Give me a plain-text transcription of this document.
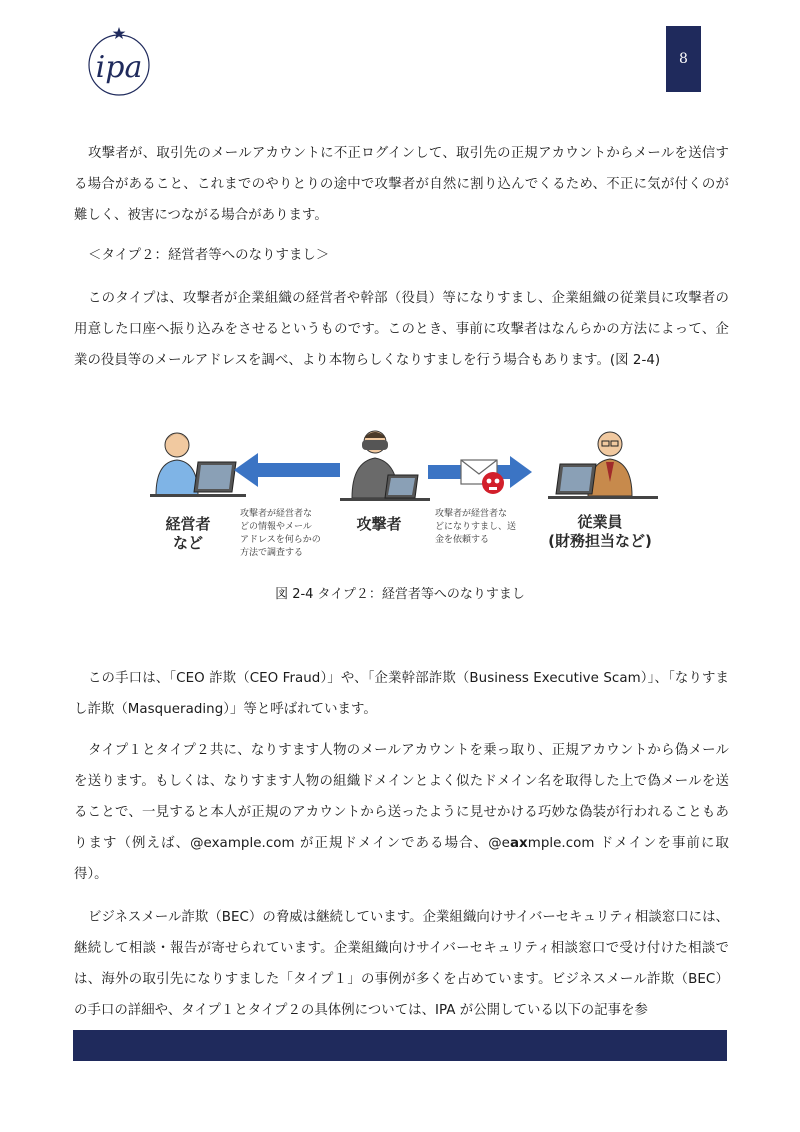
ipa	8

攻撃者が、取引先のメールアカウントに不正ログインして、取引先の正規アカウントからメールを送信する場合があること、これまでのやりとりの途中で攻撃者が自然に割り込んでくるため、不正に気が付くのが難しく、被害につながる場合があります。

＜タイプ２：経営者等へのなりすまし＞

このタイプは、攻撃者が企業組織の経営者や幹部（役員）等になりすまし、企業組織の従業員に攻撃者の用意した口座へ振り込みをさせるというものです。このとき、事前に攻撃者はなんらかの方法によって、企業の役員等のメールアドレスを調べ、より本物らしくなりすましを行う場合もあります。(図 2-4)

経営者
など
攻撃者が経営者な
どの情報やメール
アドレスを何らかの
方法で調査する
攻撃者
攻撃者が経営者な
どになりすまし、送
金を依頼する
従業員
(財務担当など)
図 2-4 タイプ２：経営者等へのなりすまし

この手口は、「CEO 詐欺（CEO Fraud）」や、「企業幹部詐欺（Business Executive Scam）」、「なりすまし詐欺（Masquerading）」等と呼ばれています。

タイプ１とタイプ２共に、なりすます人物のメールアカウントを乗っ取り、正規アカウントから偽メールを送ります。もしくは、なりすます人物の組織ドメインとよく似たドメイン名を取得した上で偽メールを送ることで、一見すると本人が正規のアカウントから送ったように見せかける巧妙な偽装が行われることもあります（例えば、@example.com が正規ドメインである場合、@eaxmple.com ドメインを事前に取得）。

ビジネスメール詐欺（BEC）の脅威は継続しています。企業組織向けサイバーセキュリティ相談窓口には、継続して相談・報告が寄せられています。企業組織向けサイバーセキュリティ相談窓口で受け付けた相談では、海外の取引先になりすました「タイプ１」の事例が多くを占めています。ビジネスメール詐欺（BEC）の手口の詳細や、タイプ１とタイプ２の具体例については、IPA が公開している以下の記事を参
